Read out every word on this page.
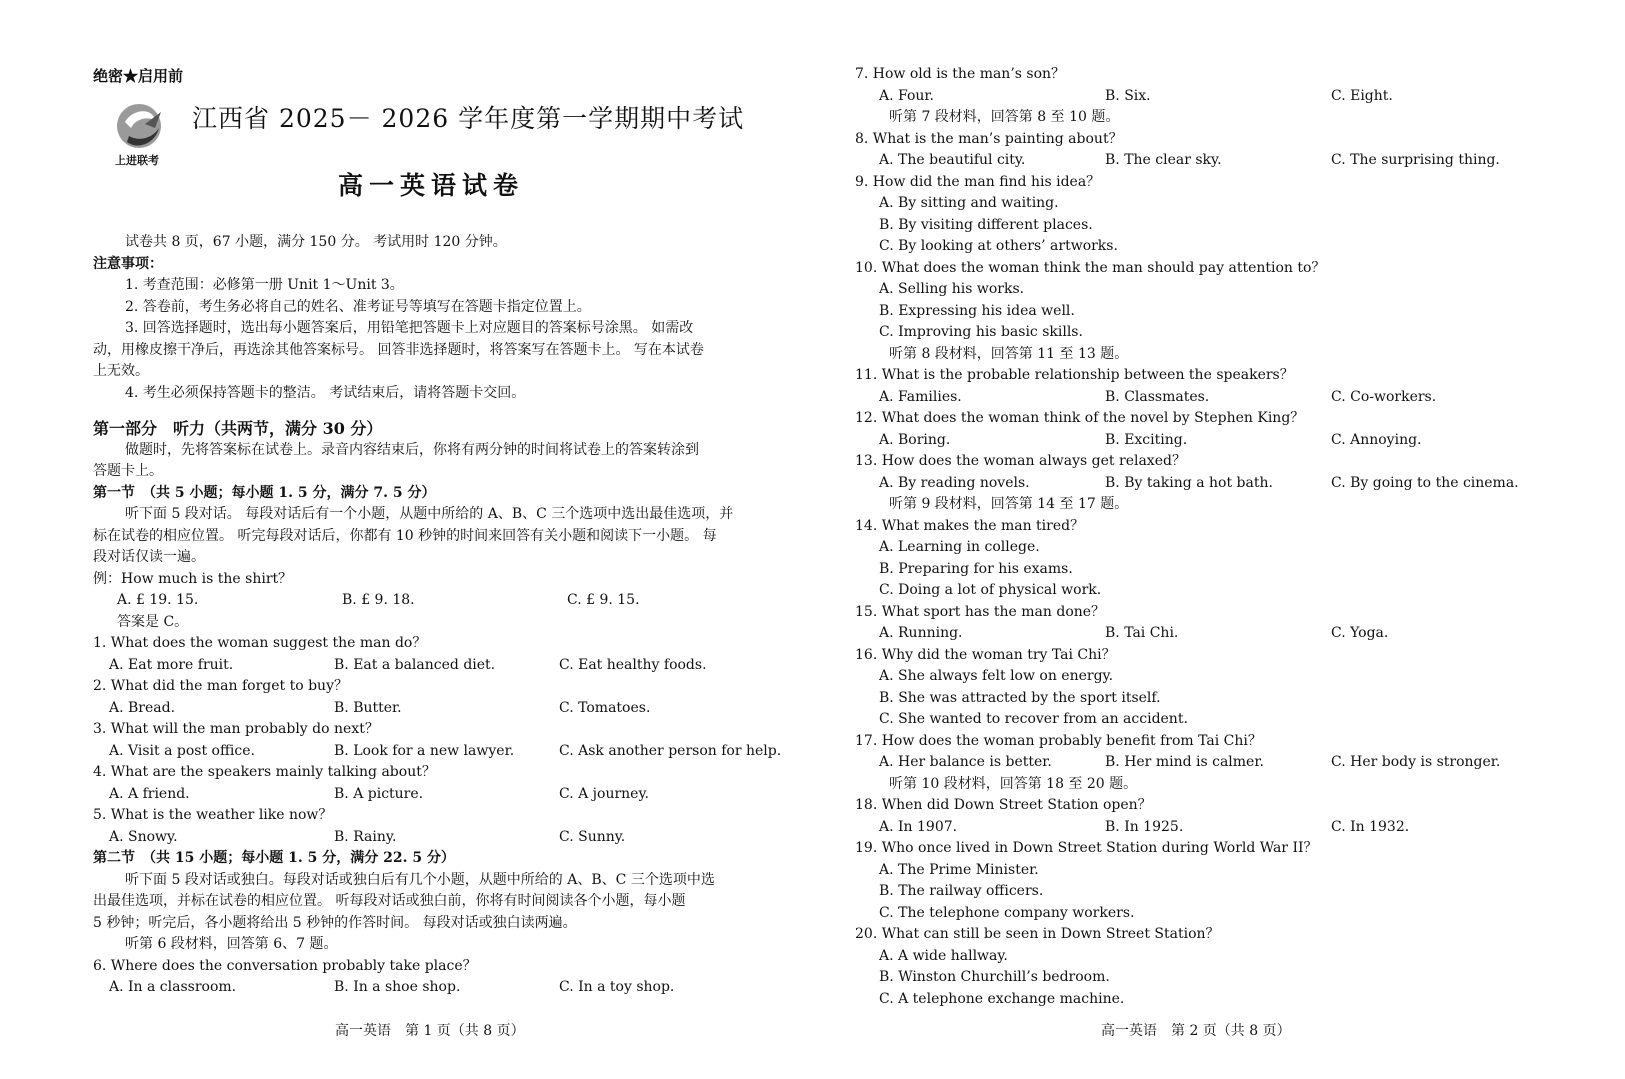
绝密★启用前
上进联考
江西省 2025－ 2026 学年度第一学期期中考试
高一英语试卷
试卷共 8 页，67 小题，满分 150 分。 考试用时 120 分钟。
注意事项：
1. 考查范围：必修第一册 Unit 1～Unit 3。
2. 答卷前，考生务必将自己的姓名、准考证号等填写在答题卡指定位置上。
3. 回答选择题时，选出每小题答案后，用铅笔把答题卡上对应题目的答案标号涂黑。 如需改
动，用橡皮擦干净后，再选涂其他答案标号。 回答非选择题时，将答案写在答题卡上。 写在本试卷
上无效。
4. 考生必须保持答题卡的整洁。 考试结束后，请将答题卡交回。
第一部分　听力（共两节，满分 30 分）
做题时，先将答案标在试卷上。录音内容结束后，你将有两分钟的时间将试卷上的答案转涂到
答题卡上。
第一节　（共 5 小题；每小题 1. 5 分，满分 7. 5 分）
听下面 5 段对话。 每段对话后有一个小题，从题中所给的 A、B、C 三个选项中选出最佳选项，并
标在试卷的相应位置。 听完每段对话后，你都有 10 秒钟的时间来回答有关小题和阅读下一小题。 每
段对话仅读一遍。
例：How much is the shirt？
A. £ 19. 15.	B. £ 9. 18.	C. £ 9. 15.
答案是 C。
1. What does the woman suggest the man do？
A. Eat more fruit.	B. Eat a balanced diet.	C. Eat healthy foods.
2. What did the man forget to buy？
A. Bread.	B. Butter.	C. Tomatoes.
3. What will the man probably do next？
A. Visit a post office.	B. Look for a new lawyer.	C. Ask another person for help.
4. What are the speakers mainly talking about？
A. A friend.	B. A picture.	C. A journey.
5. What is the weather like now？
A. Snowy.	B. Rainy.	C. Sunny.
第二节　（共 15 小题；每小题 1. 5 分，满分 22. 5 分）
听下面 5 段对话或独白。每段对话或独白后有几个小题，从题中所给的 A、B、C 三个选项中选
出最佳选项，并标在试卷的相应位置。 听每段对话或独白前，你将有时间阅读各个小题，每小题
5 秒钟；听完后，各小题将给出 5 秒钟的作答时间。 每段对话或独白读两遍。
听第 6 段材料，回答第 6、7 题。
6. Where does the conversation probably take place？
A. In a classroom.	B. In a shoe shop.	C. In a toy shop.
高一英语　第 1 页（共 8 页）
7. How old is the man’s son？
A. Four.	B. Six.	C. Eight.
听第 7 段材料，回答第 8 至 10 题。
8. What is the man’s painting about？
A. The beautiful city.	B. The clear sky.	C. The surprising thing.
9. How did the man find his idea？
A. By sitting and waiting.
B. By visiting different places.
C. By looking at others’ artworks.
10. What does the woman think the man should pay attention to？
A. Selling his works.
B. Expressing his idea well.
C. Improving his basic skills.
听第 8 段材料，回答第 11 至 13 题。
11. What is the probable relationship between the speakers？
A. Families.	B. Classmates.	C. Co-workers.
12. What does the woman think of the novel by Stephen King？
A. Boring.	B. Exciting.	C. Annoying.
13. How does the woman always get relaxed？
A. By reading novels.	B. By taking a hot bath.	C. By going to the cinema.
听第 9 段材料，回答第 14 至 17 题。
14. What makes the man tired？
A. Learning in college.
B. Preparing for his exams.
C. Doing a lot of physical work.
15. What sport has the man done？
A. Running.	B. Tai Chi.	C. Yoga.
16. Why did the woman try Tai Chi？
A. She always felt low on energy.
B. She was attracted by the sport itself.
C. She wanted to recover from an accident.
17. How does the woman probably benefit from Tai Chi？
A. Her balance is better.	B. Her mind is calmer.	C. Her body is stronger.
听第 10 段材料，回答第 18 至 20 题。
18. When did Down Street Station open？
A. In 1907.	B. In 1925.	C. In 1932.
19. Who once lived in Down Street Station during World War II？
A. The Prime Minister.
B. The railway officers.
C. The telephone company workers.
20. What can still be seen in Down Street Station？
A. A wide hallway.
B. Winston Churchill’s bedroom.
C. A telephone exchange machine.
高一英语　第 2 页（共 8 页）
